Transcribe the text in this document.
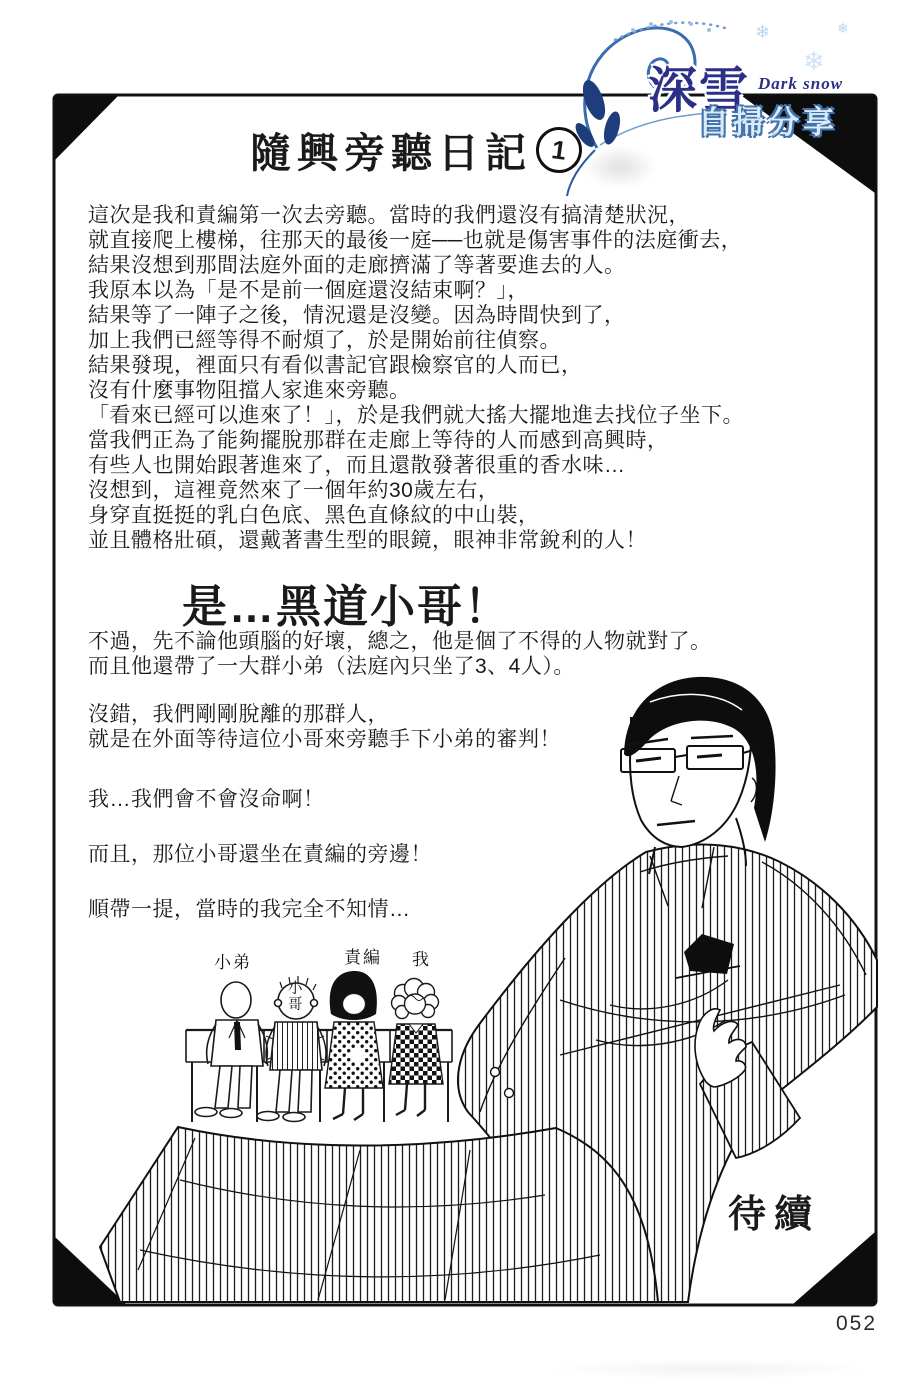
小弟	責編 我
小
哥
隨興旁聽日記 1
這次是我和責編第一次去旁聽。當時的我們還沒有搞清楚狀況，
就直接爬上樓梯，往那天的最後一庭──也就是傷害事件的法庭衝去，
結果沒想到那間法庭外面的走廊擠滿了等著要進去的人。
我原本以為「是不是前一個庭還沒結束啊？」，
結果等了一陣子之後，情況還是沒變。因為時間快到了，
加上我們已經等得不耐煩了，於是開始前往偵察。
結果發現，裡面只有看似書記官跟檢察官的人而已，
沒有什麼事物阻擋人家進來旁聽。
「看來已經可以進來了！」，於是我們就大搖大擺地進去找位子坐下。
當我們正為了能夠擺脫那群在走廊上等待的人而感到高興時，
有些人也開始跟著進來了，而且還散發著很重的香水味…
沒想到，這裡竟然來了一個年約30歲左右，
身穿直挺挺的乳白色底、黑色直條紋的中山裝，
並且體格壯碩，還戴著書生型的眼鏡，眼神非常銳利的人！
是…黑道小哥！
不過，先不論他頭腦的好壞，總之，他是個了不得的人物就對了。
而且他還帶了一大群小弟（法庭內只坐了3、4人）。
沒錯，我們剛剛脫離的那群人，
就是在外面等待這位小哥來旁聽手下小弟的審判！
我…我們會不會沒命啊！
而且，那位小哥還坐在責編的旁邊！
順帶一提，當時的我完全不知情…
待續
052
❄
❄
❄
深雪 Dark snow
自掃分享
